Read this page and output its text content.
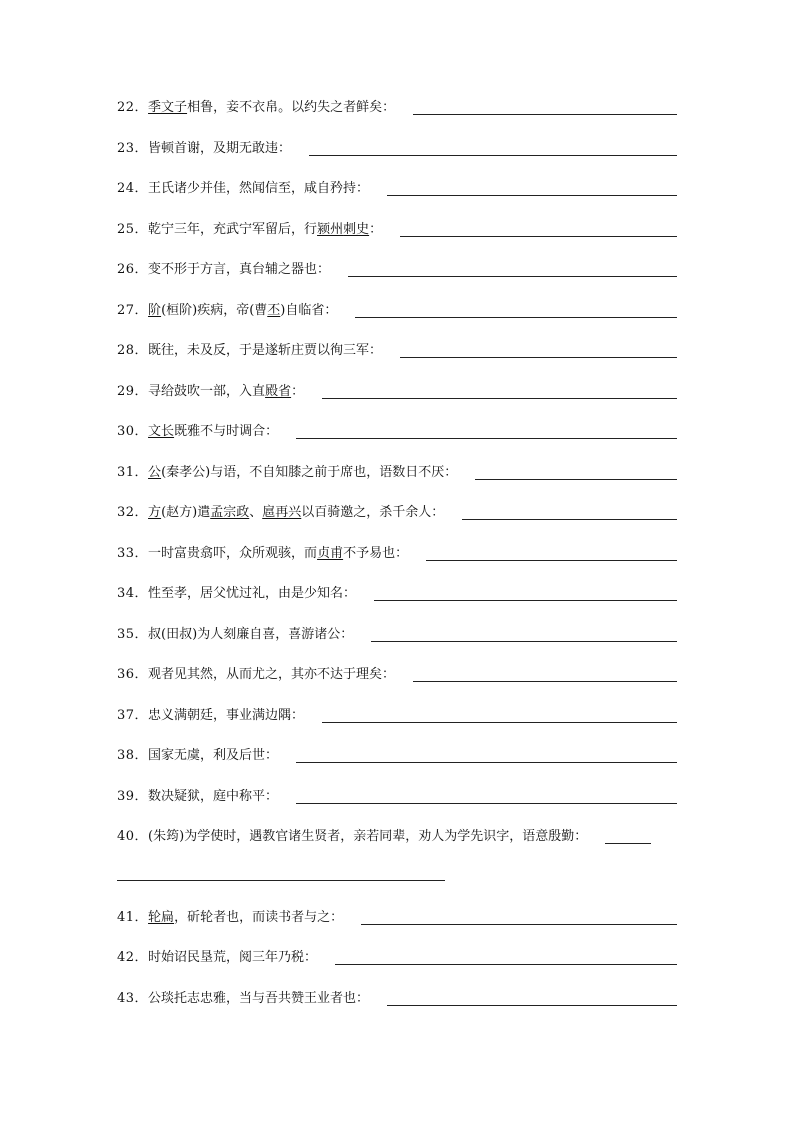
22． 季文子相鲁，妾不衣帛。以约失之者鲜矣：
23． 皆顿首谢，及期无敢违：
24． 王氏诸少并佳，然闻信至，咸自矜持：
25． 乾宁三年，充武宁军留后，行颍州刺史：
26． 变不形于方言，真台辅之器也：
27． 阶(桓阶)疾病，帝(曹丕)自临省：
28． 既往，未及反，于是遂斩庄贾以徇三军：
29． 寻给鼓吹一部，入直殿省：
30． 文长既雅不与时调合：
31． 公(秦孝公)与语，不自知膝之前于席也，语数日不厌：
32． 方(赵方)遣孟宗政、扈再兴以百骑邀之，杀千余人：
33． 一时富贵翕吓，众所观骇，而贞甫不予易也：
34． 性至孝，居父忧过礼，由是少知名：
35． 叔(田叔)为人刻廉自喜，喜游诸公：
36． 观者见其然，从而尤之，其亦不达于理矣：
37． 忠义满朝廷，事业满边隅：
38． 国家无虞，利及后世：
39． 数决疑狱，庭中称平：
40． (朱筠)为学使时，遇教官诸生贤者，亲若同辈，劝人为学先识字，语意殷勤：
41． 轮扁，斫轮者也，而读书者与之：
42． 时始诏民垦荒，阅三年乃税：
43． 公琰托志忠雅，当与吾共赞王业者也：
